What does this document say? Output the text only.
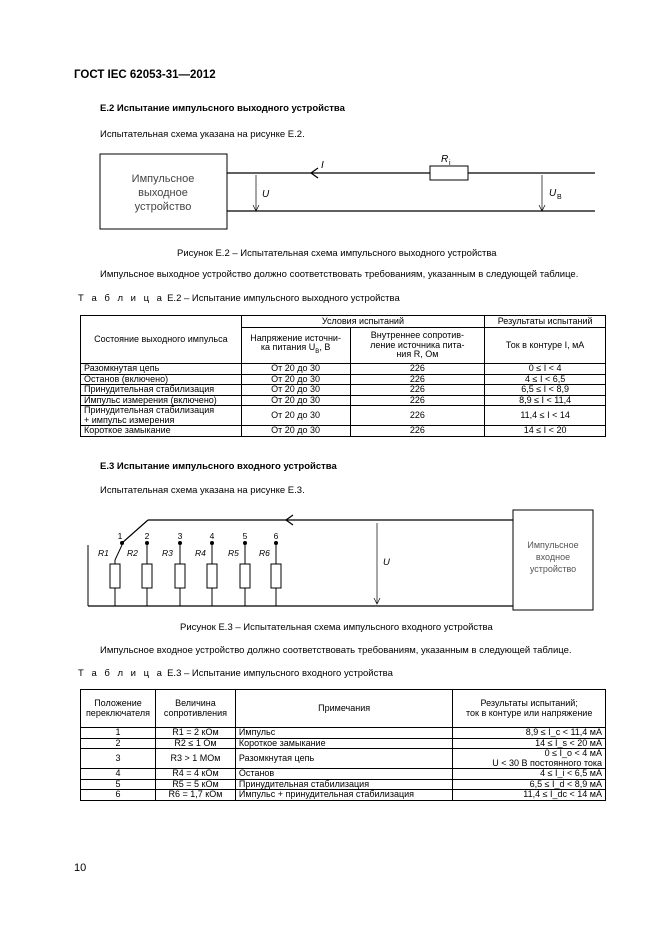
ГОСТ IEC 62053-31—2012
E.2 Испытание импульсного выходного устройства
Испытательная схема указана на рисунке Е.2.
Импульсное
выходное
устройство
I
U
R i
U B
Рисунок Е.2 – Испытательная схема импульсного выходного устройства
Импульсное выходное устройство должно соответствовать требованиям, указанным в следующей таблице.
Т а б л и ц а Е.2 – Испытание импульсного выходного устройства
Состояние выходного импульса	Условия испытаний		Результаты испытаний
	Напряжение источни-
ка питания $U_B$, В	Внутреннее сопротив-
ление источника пита-
ния R, Ом	Ток в контуре I, мА
Разомкнутая цепь	От 20 до 30	226	0 ≤ I < 4
Останов (включено)	От 20 до 30	226	4 ≤ I < 6,5
Принудительная стабилизация	От 20 до 30	226	6,5 ≤ I < 8,9
Импульс измерения (включено)	От 20 до 30	226	8,9 ≤ I < 11,4
Принудительная стабилизация
+ импульс измерения	От 20 до 30	226	11,4 ≤ I < 14
Короткое замыкание	От 20 до 30	226	14 ≤ I < 20
E.3 Испытание импульсного входного устройства
Испытательная схема указана на рисунке Е.3.
1	2	3	4	5	6
R1 R2	R3	R4	R5 R6
U
Импульсное
входное
устройство
Рисунок Е.3 – Испытательная схема импульсного входного устройства
Импульсное входное устройство должно соответствовать требованиям, указанным в следующей таблице.
Т а б л и ц а Е.3 – Испытание импульсного входного устройства
Положение
переключателя	Величина
сопротивления	Примечания	Результаты испытаний;
ток в контуре или напряжение
1	R1 = 2 кОм	Импульс	8,9 ≤ I_c < 11,4 мА
2	R2 ≤ 1 Ом	Короткое замыкание	14 ≤ I_s < 20 мА
3	R3 > 1 МОм	Разомкнутая цепь	0 ≤ I_o < 4 мА
U < 30 В постоянного тока
4	R4 = 4 кОм	Останов	4 ≤ I_i < 6,5 мА
5	R5 = 5 кОм	Принудительная стабилизация	6,5 ≤ I_d < 8,9 мА
6	R6 = 1,7 кОм	Импульс + принудительная стабилизация	11,4 ≤ I_dc < 14 мА
10
